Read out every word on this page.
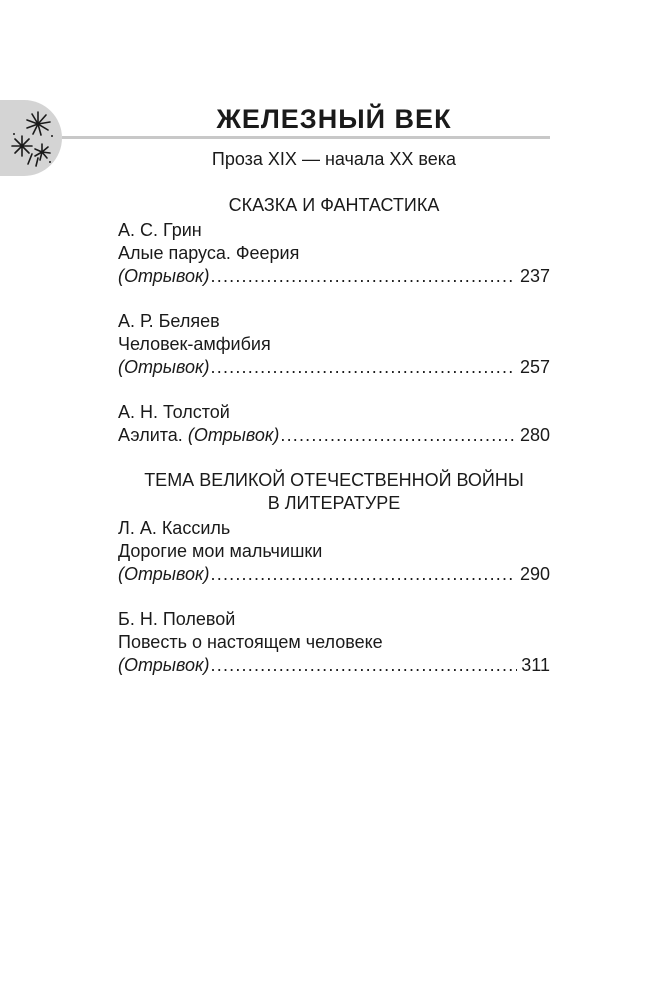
ЖЕЛЕЗНЫЙ ВЕК
Проза XIX — начала XX века
СКАЗКА И ФАНТАСТИКА
А. С. Грин
Алые паруса. Феерия
(Отрывок) .....	237
А. Р. Беляев
Человек-амфибия
(Отрывок) .....	257
А. Н. Толстой
Аэлита. (Отрывок) .....	280
ТЕМА ВЕЛИКОЙ ОТЕЧЕСТВЕННОЙ ВОЙНЫ
В ЛИТЕРАТУРЕ
Л. А. Кассиль
Дорогие мои мальчишки
(Отрывок) .....	290
Б. Н. Полевой
Повесть о настоящем человеке
(Отрывок) .....	311
